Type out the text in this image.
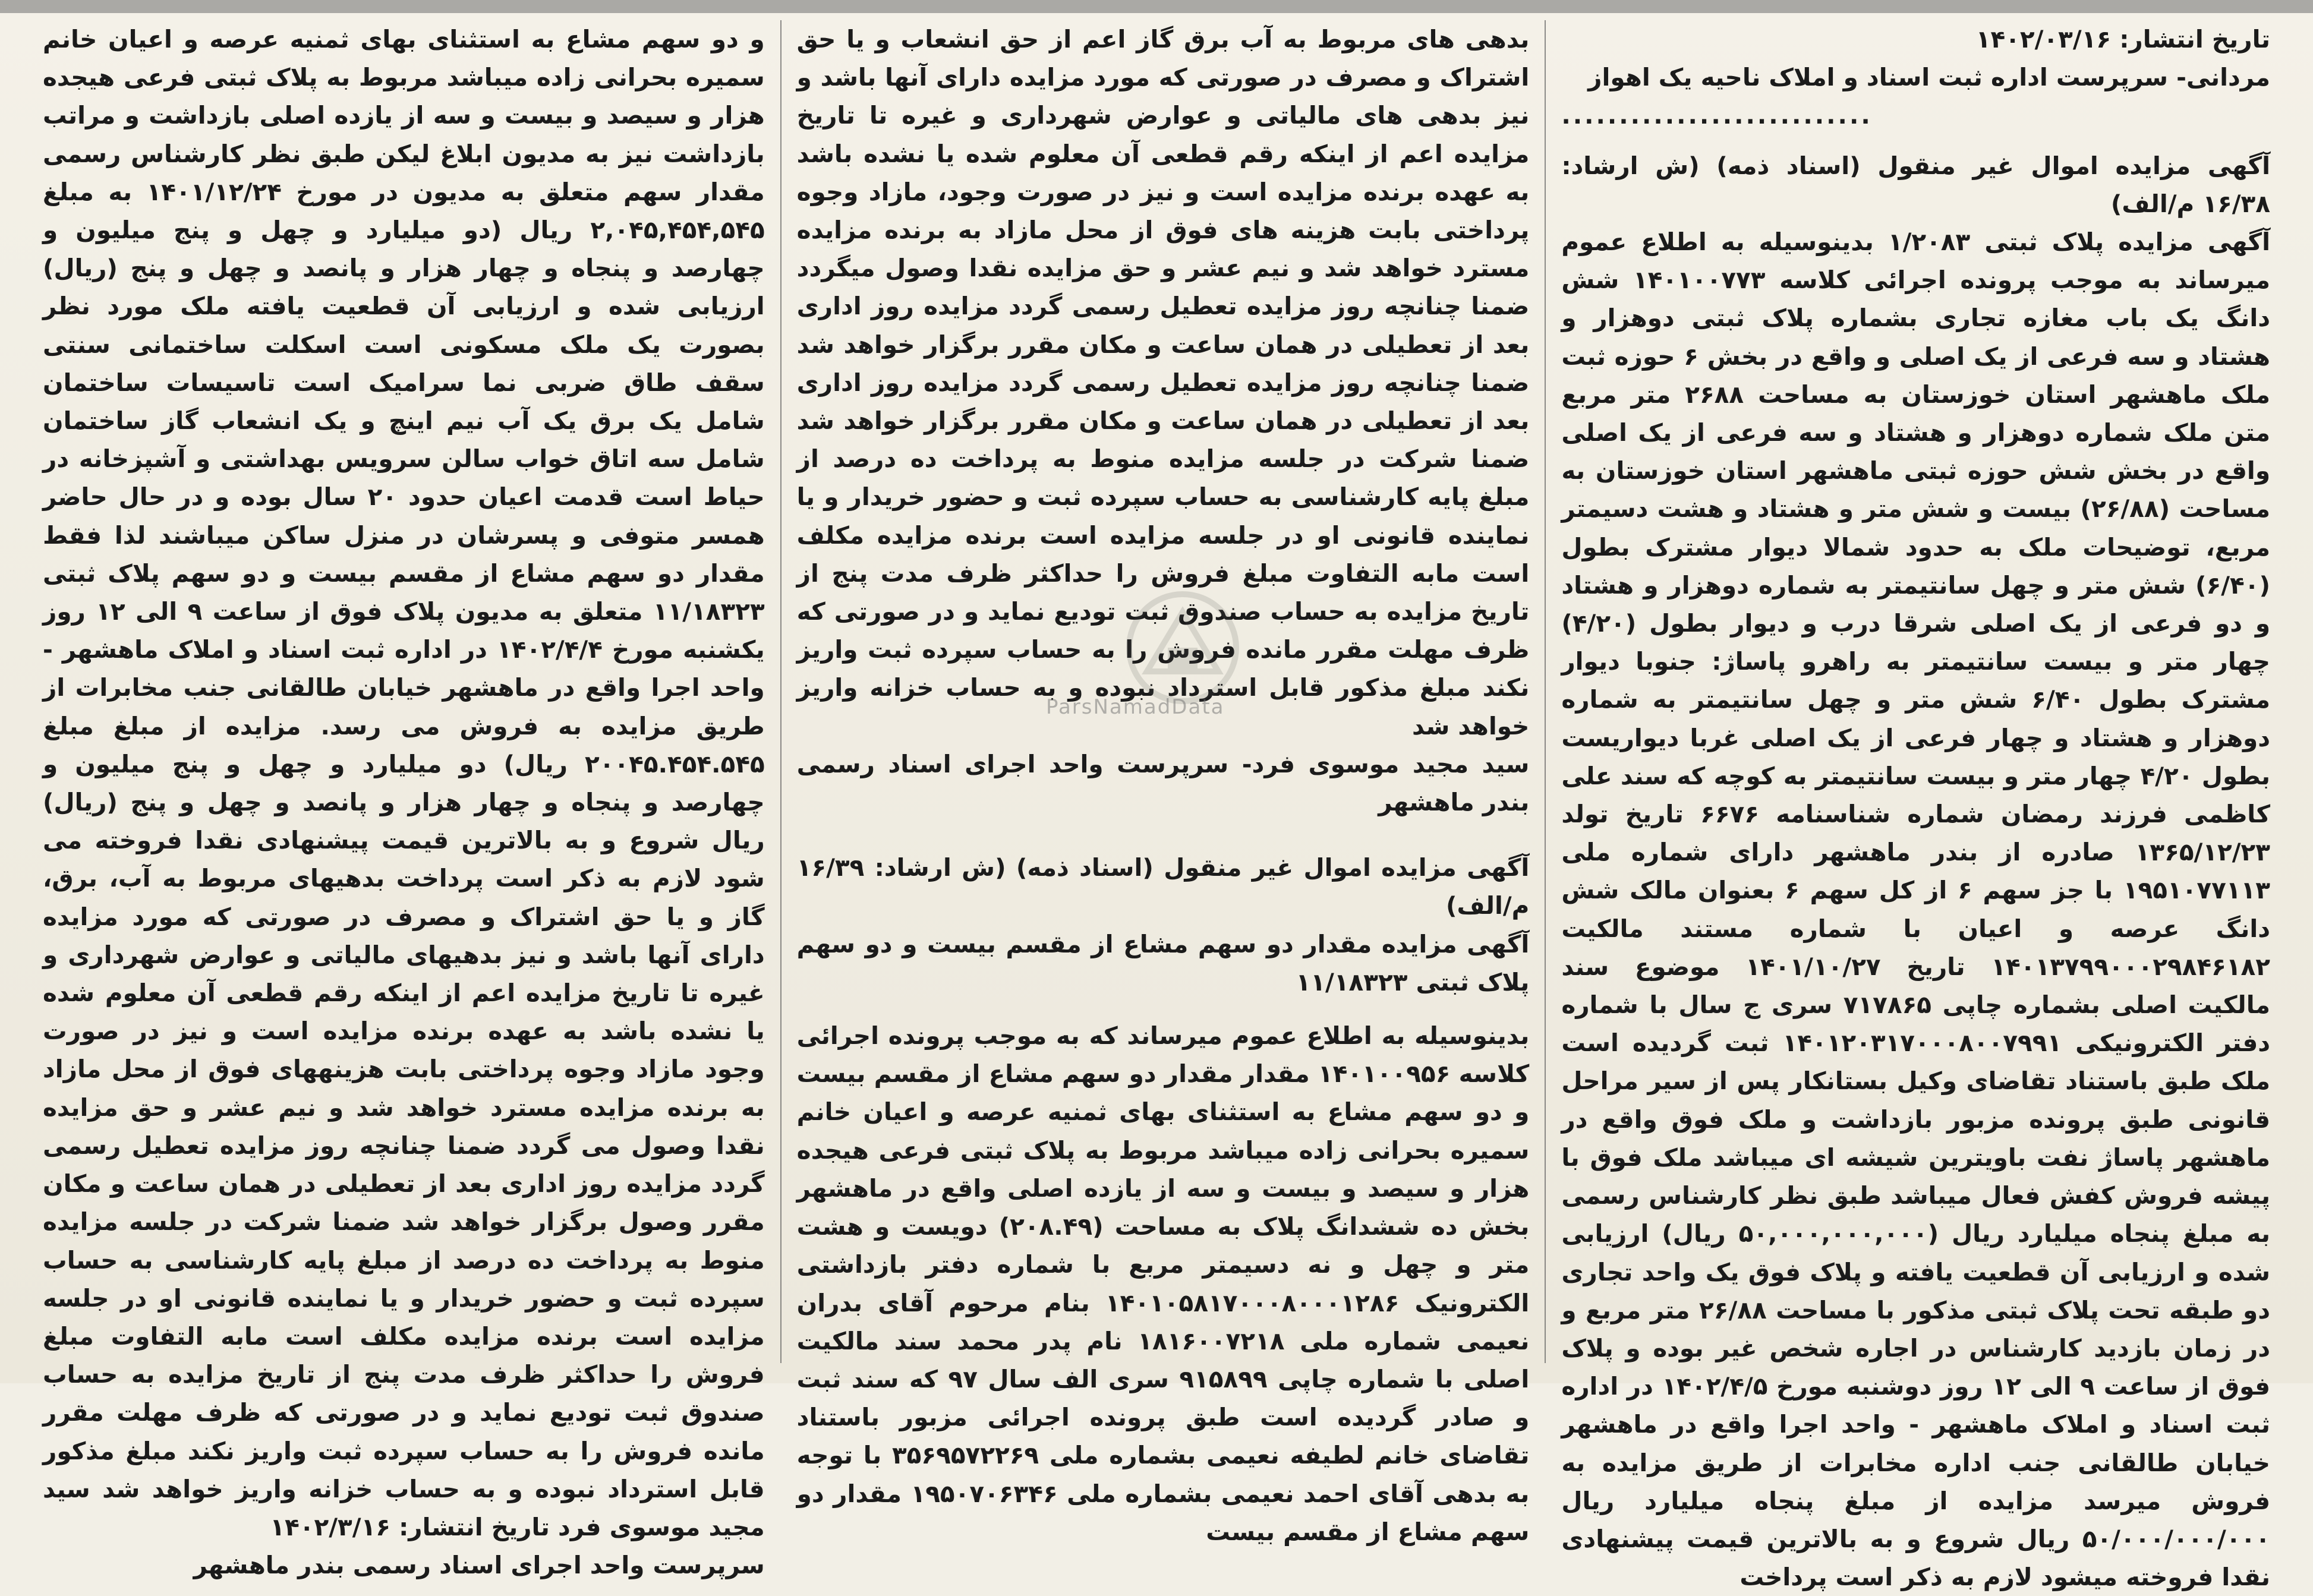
تاریخ انتشار: ۱۴۰۲/۰۳/۱۶

مردانی- سرپرست اداره ثبت اسناد و املاک ناحیه یک اهواز

...........................

آگهی مزایده اموال غیر منقول (اسناد ذمه) (ش ارشاد: ۱۶/۳۸ م/الف)

آگهی مزایده پلاک ثبتی ۱/۲۰۸۳ بدینوسیله به اطلاع عموم میرساند به موجب پرونده اجرائی کلاسه ۱۴۰۱۰۰۷۷۳ شش دانگ یک باب مغازه تجاری بشماره پلاک ثبتی دوهزار و هشتاد و سه فرعی از یک اصلی و واقع در بخش ۶ حوزه ثبت ملک ماهشهر استان خوزستان به مساحت ۲۶۸۸ متر مربع متن ملک شماره دوهزار و هشتاد و سه فرعی از یک اصلی واقع در بخش شش حوزه ثبتی ماهشهر استان خوزستان به مساحت (۲۶/۸۸) بیست و شش متر و هشتاد و هشت دسیمتر مربع، توضیحات ملک به حدود شمالا دیوار مشترک بطول (۶/۴۰) شش متر و چهل سانتیمتر به شماره دوهزار و هشتاد و دو فرعی از یک اصلی شرقا درب و دیوار بطول (۴/۲۰) چهار متر و بیست سانتیمتر به راهرو پاساژ: جنوبا دیوار مشترک بطول ۶/۴۰ شش متر و چهل سانتیمتر به شماره دوهزار و هشتاد و چهار فرعی از یک اصلی غربا دیواریست بطول ۴/۲۰ چهار متر و بیست سانتیمتر به کوچه که سند علی کاظمی فرزند رمضان شماره شناسنامه ۶۶۷۶ تاریخ تولد ۱۳۶۵/۱۲/۲۳ صادره از بندر ماهشهر دارای شماره ملی ۱۹۵۱۰۷۷۱۱۳ با جز سهم ۶ از کل سهم ۶ بعنوان مالک شش دانگ عرصه و اعیان با شماره مستند مالکیت ۱۴۰۱۳۷۹۹۰۰۰۲۹۸۴۶۱۸۲ تاریخ ۱۴۰۱/۱۰/۲۷ موضوع سند مالکیت اصلی بشماره چاپی ۷۱۷۸۶۵ سری ج سال با شماره دفتر الکترونیکی ۱۴۰۱۲۰۳۱۷۰۰۰۸۰۰۷۹۹۱ ثبت گردیده است ملک طبق باستناد تقاضای وکیل بستانکار پس از سیر مراحل قانونی طبق پرونده مزبور بازداشت و ملک فوق واقع در ماهشهر پاساژ نفت باویترین شیشه ای میباشد ملک فوق با پیشه فروش کفش فعال میباشد طبق نظر کارشناس رسمی به مبلغ پنجاه میلیارد ریال (۵۰,۰۰۰,۰۰۰,۰۰۰ ریال) ارزیابی شده و ارزیابی آن قطعیت یافته و پلاک فوق یک واحد تجاری دو طبقه تحت پلاک ثبتی مذکور با مساحت ۲۶/۸۸ متر مربع و در زمان بازدید کارشناس در اجاره شخص غیر بوده و پلاک فوق از ساعت ۹ الی ۱۲ روز دوشنبه مورخ ۱۴۰۲/۴/۵ در اداره ثبت اسناد و املاک ماهشهر - واحد اجرا واقع در ماهشهر خیابان طالقانی جنب اداره مخابرات از طریق مزایده به فروش میرسد مزایده از مبلغ پنجاه میلیارد ریال ۵۰/۰۰۰/۰۰۰/۰۰۰ ریال شروع و به بالاترین قیمت پیشنهادی نقدا فروخته میشود لازم به ذکر است پرداخت

بدهی های مربوط به آب برق گاز اعم از حق انشعاب و یا حق اشتراک و مصرف در صورتی که مورد مزایده دارای آنها باشد و نیز بدهی های مالیاتی و عوارض شهرداری و غیره تا تاریخ مزایده اعم از اینکه رقم قطعی آن معلوم شده یا نشده باشد به عهده برنده مزایده است و نیز در صورت وجود، مازاد وجوه پرداختی بابت هزینه های فوق از محل مازاد به برنده مزایده مسترد خواهد شد و نیم عشر و حق مزایده نقدا وصول میگردد ضمنا چنانچه روز مزایده تعطیل رسمی گردد مزایده روز اداری بعد از تعطیلی در همان ساعت و مکان مقرر برگزار خواهد شد ضمنا چنانچه روز مزایده تعطیل رسمی گردد مزایده روز اداری بعد از تعطیلی در همان ساعت و مکان مقرر برگزار خواهد شد ضمنا شرکت در جلسه مزایده منوط به پرداخت ده درصد از مبلغ پایه کارشناسی به حساب سپرده ثبت و حضور خریدار و یا نماینده قانونی او در جلسه مزایده است برنده مزایده مکلف است مابه التفاوت مبلغ فروش را حداکثر ظرف مدت پنج از تاریخ مزایده به حساب صندوق ثبت تودیع نماید و در صورتی که ظرف مهلت مقرر مانده فروش را به حساب سپرده ثبت واریز نکند مبلغ مذکور قابل استرداد نبوده و به حساب خزانه واریز خواهد شد

سید مجید موسوی فرد- سرپرست واحد اجرای اسناد رسمی بندر ماهشهر

آگهی مزایده اموال غیر منقول (اسناد ذمه) (ش ارشاد: ۱۶/۳۹ م/الف)

آگهی مزایده مقدار دو سهم مشاع از مقسم بیست و دو سهم پلاک ثبتی ۱۱/۱۸۳۲۳

بدینوسیله به اطلاع عموم میرساند که به موجب پرونده اجرائی کلاسه ۱۴۰۱۰۰۹۵۶ مقدار مقدار دو سهم مشاع از مقسم بیست و دو سهم مشاع به استثنای بهای ثمنیه عرصه و اعیان خانم سمیره بحرانی زاده میباشد مربوط به پلاک ثبتی فرعی هیجده هزار و سیصد و بیست و سه از یازده اصلی واقع در ماهشهر بخش ده ششدانگ پلاک به مساحت (۲۰۸.۴۹) دویست و هشت متر و چهل و نه دسیمتر مربع با شماره دفتر بازداشتی الکترونیک ۱۴۰۱۰۵۸۱۷۰۰۰۸۰۰۰۱۲۸۶ بنام مرحوم آقای بدران نعیمی شماره ملی ۱۸۱۶۰۰۷۲۱۸ نام پدر محمد سند مالکیت اصلی با شماره چاپی ۹۱۵۸۹۹ سری الف سال ۹۷ که سند ثبت و صادر گردیده است طبق پرونده اجرائی مزبور باستناد تقاضای خانم لطیفه نعیمی بشماره ملی ۳۵۶۹۵۷۲۲۶۹ با توجه به بدهی آقای احمد نعیمی بشماره ملی ۱۹۵۰۷۰۶۳۴۶ مقدار دو سهم مشاع از مقسم بیست

و دو سهم مشاع به استثنای بهای ثمنیه عرصه و اعیان خانم سمیره بحرانی زاده میباشد مربوط به پلاک ثبتی فرعی هیجده هزار و سیصد و بیست و سه از یازده اصلی بازداشت و مراتب بازداشت نیز به مدیون ابلاغ لیکن طبق نظر کارشناس رسمی مقدار سهم متعلق به مدیون در مورخ ۱۴۰۱/۱۲/۲۴ به مبلغ ۲,۰۴۵,۴۵۴,۵۴۵ ریال (دو میلیارد و چهل و پنج میلیون و چهارصد و پنجاه و چهار هزار و پانصد و چهل و پنج (ریال) ارزیابی شده و ارزیابی آن قطعیت یافته ملک مورد نظر بصورت یک ملک مسکونی است اسکلت ساختمانی سنتی سقف طاق ضربی نما سرامیک است تاسیسات ساختمان شامل یک برق یک آب نیم اینچ و یک انشعاب گاز ساختمان شامل سه اتاق خواب سالن سرویس بهداشتی و آشپزخانه در حیاط است قدمت اعیان حدود ۲۰ سال بوده و در حال حاضر همسر متوفی و پسرشان در منزل ساکن میباشند لذا فقط مقدار دو سهم مشاع از مقسم بیست و دو سهم پلاک ثبتی ۱۱/۱۸۳۲۳ متعلق به مدیون پلاک فوق از ساعت ۹ الی ۱۲ روز یکشنبه مورخ ۱۴۰۲/۴/۴ در اداره ثبت اسناد و املاک ماهشهر - واحد اجرا واقع در ماهشهر خیابان طالقانی جنب مخابرات از طریق مزایده به فروش می رسد. مزایده از مبلغ مبلغ ۲۰۰۴۵.۴۵۴.۵۴۵ ریال) دو میلیارد و چهل و پنج میلیون و چهارصد و پنجاه و چهار هزار و پانصد و چهل و پنج (ریال) ریال شروع و به بالاترین قیمت پیشنهادی نقدا فروخته می شود لازم به ذکر است پرداخت بدهیهای مربوط به آب، برق، گاز و یا حق اشتراک و مصرف در صورتی که مورد مزایده دارای آنها باشد و نیز بدهیهای مالیاتی و عوارض شهرداری و غیره تا تاریخ مزایده اعم از اینکه رقم قطعی آن معلوم شده یا نشده باشد به عهده برنده مزایده است و نیز در صورت وجود مازاد وجوه پرداختی بابت هزینههای فوق از محل مازاد به برنده مزایده مسترد خواهد شد و نیم عشر و حق مزایده نقدا وصول می گردد ضمنا چنانچه روز مزایده تعطیل رسمی گردد مزایده روز اداری بعد از تعطیلی در همان ساعت و مکان مقرر وصول برگزار خواهد شد ضمنا شرکت در جلسه مزایده منوط به پرداخت ده درصد از مبلغ پایه کارشناسی به حساب سپرده ثبت و حضور خریدار و یا نماینده قانونی او در جلسه مزایده است برنده مزایده مکلف است مابه التفاوت مبلغ فروش را حداکثر ظرف مدت پنج از تاریخ مزایده به حساب صندوق ثبت تودیع نماید و در صورتی که ظرف مهلت مقرر مانده فروش را به حساب سپرده ثبت واریز نکند مبلغ مذکور قابل استرداد نبوده و به حساب خزانه واریز خواهد شد سید مجید موسوی فرد تاریخ انتشار: ۱۴۰۲/۳/۱۶

سرپرست واحد اجرای اسناد رسمی بندر ماهشهر

ParsNamadData
